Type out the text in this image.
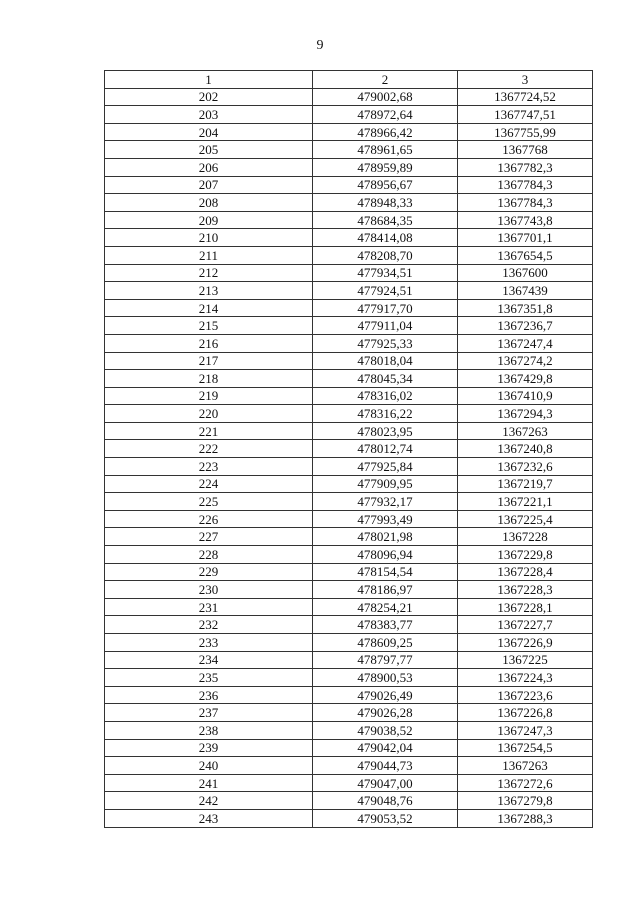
9
1	2	3
202	479002,68	1367724,52
203	478972,64	1367747,51
204	478966,42	1367755,99
205	478961,65	1367768
206	478959,89	1367782,3
207	478956,67	1367784,3
208	478948,33	1367784,3
209	478684,35	1367743,8
210	478414,08	1367701,1
211	478208,70	1367654,5
212	477934,51	1367600
213	477924,51	1367439
214	477917,70	1367351,8
215	477911,04	1367236,7
216	477925,33	1367247,4
217	478018,04	1367274,2
218	478045,34	1367429,8
219	478316,02	1367410,9
220	478316,22	1367294,3
221	478023,95	1367263
222	478012,74	1367240,8
223	477925,84	1367232,6
224	477909,95	1367219,7
225	477932,17	1367221,1
226	477993,49	1367225,4
227	478021,98	1367228
228	478096,94	1367229,8
229	478154,54	1367228,4
230	478186,97	1367228,3
231	478254,21	1367228,1
232	478383,77	1367227,7
233	478609,25	1367226,9
234	478797,77	1367225
235	478900,53	1367224,3
236	479026,49	1367223,6
237	479026,28	1367226,8
238	479038,52	1367247,3
239	479042,04	1367254,5
240	479044,73	1367263
241	479047,00	1367272,6
242	479048,76	1367279,8
243	479053,52	1367288,3
